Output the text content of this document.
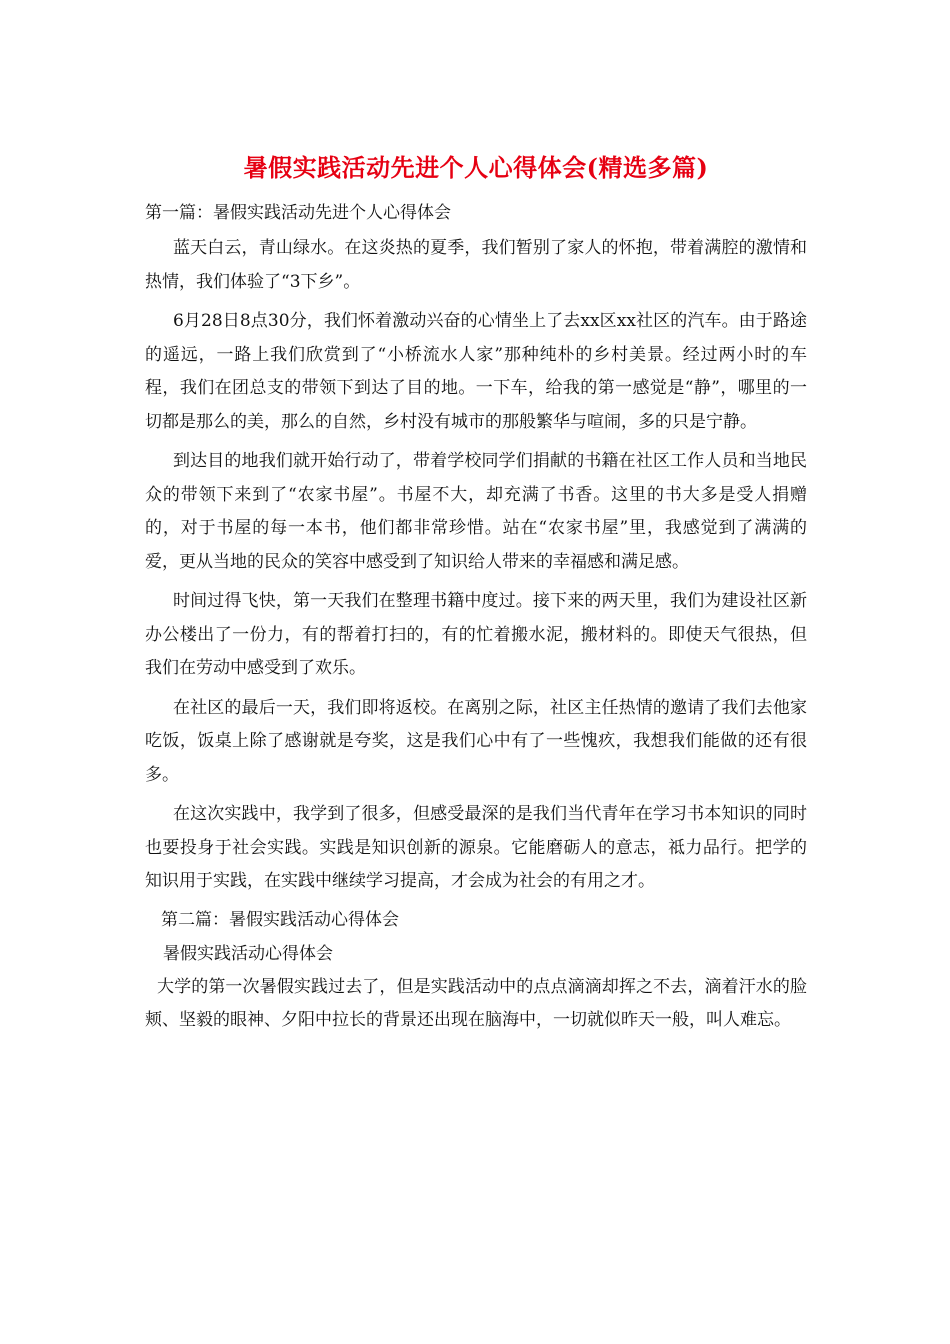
暑假实践活动先进个人心得体会(精选多篇)
第一篇：暑假实践活动先进个人心得体会

蓝天白云，青山绿水。在这炎热的夏季，我们暂别了家人的怀抱，带着满腔的激情和热情，我们体验了“3下乡”。

6月28日8点30分，我们怀着激动兴奋的心情坐上了去xx区xx社区的汽车。由于路途的遥远，一路上我们欣赏到了“小桥流水人家”那种纯朴的乡村美景。经过两小时的车程，我们在团总支的带领下到达了目的地。一下车，给我的第一感觉是“静”，哪里的一切都是那么的美，那么的自然，乡村没有城市的那般繁华与喧闹，多的只是宁静。

到达目的地我们就开始行动了，带着学校同学们捐献的书籍在社区工作人员和当地民众的带领下来到了“农家书屋”。书屋不大，却充满了书香。这里的书大多是受人捐赠的，对于书屋的每一本书，他们都非常珍惜。站在“农家书屋”里，我感觉到了满满的爱，更从当地的民众的笑容中感受到了知识给人带来的幸福感和满足感。

时间过得飞快，第一天我们在整理书籍中度过。接下来的两天里，我们为建设社区新办公楼出了一份力，有的帮着打扫的，有的忙着搬水泥，搬材料的。即使天气很热，但我们在劳动中感受到了欢乐。

在社区的最后一天，我们即将返校。在离别之际，社区主任热情的邀请了我们去他家吃饭，饭桌上除了感谢就是夸奖，这是我们心中有了一些愧疚，我想我们能做的还有很多。

在这次实践中，我学到了很多，但感受最深的是我们当代青年在学习书本知识的同时也要投身于社会实践。实践是知识创新的源泉。它能磨砺人的意志，祗力品行。把学的知识用于实践，在实践中继续学习提高，才会成为社会的有用之才。

第二篇：暑假实践活动心得体会
暑假实践活动心得体会

大学的第一次暑假实践过去了，但是实践活动中的点点滴滴却挥之不去，滴着汗水的脸颊、坚毅的眼神、夕阳中拉长的背景还出现在脑海中，一切就似昨天一般，叫人难忘。
